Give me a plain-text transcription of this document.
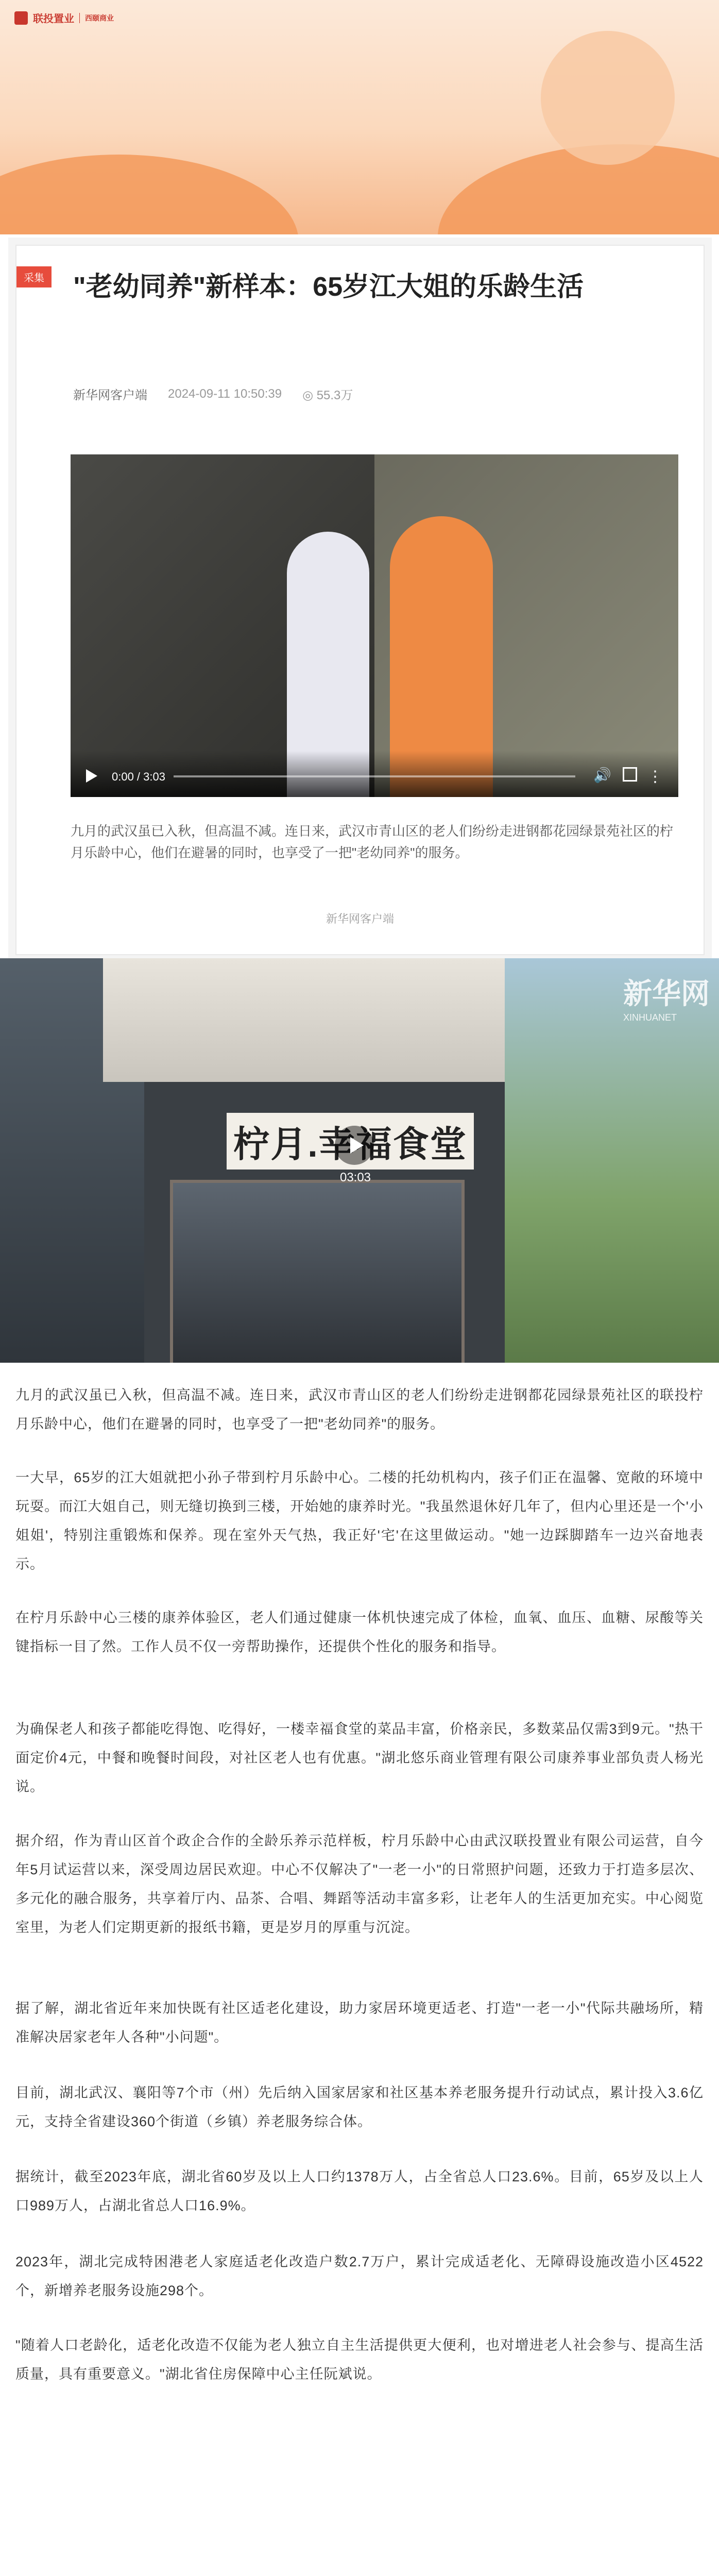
联投置业 西颐商业
采集 "老幼同养"新样本：65岁江大姐的乐龄生活
新华网客户端 2024-09-11 10:50:39 ◎ 55.3万
0:00 / 3:03	🔊 ⋮
九月的武汉虽已入秋，但高温不减。连日来，武汉市青山区的老人们纷纷走进钢都花园绿景苑社区的柠月乐龄中心，他们在避暑的同时，也享受了一把"老幼同养"的服务。
新华网客户端
柠月.幸福食堂
新华网
XINHUANET
03:03
九月的武汉虽已入秋，但高温不减。连日来，武汉市青山区的老人们纷纷走进钢都花园绿景苑社区的联投柠月乐龄中心，他们在避暑的同时，也享受了一把"老幼同养"的服务。
一大早，65岁的江大姐就把小孙子带到柠月乐龄中心。二楼的托幼机构内，孩子们正在温馨、宽敞的环境中玩耍。而江大姐自己，则无缝切换到三楼，开始她的康养时光。"我虽然退休好几年了，但内心里还是一个'小姐姐'，特别注重锻炼和保养。现在室外天气热，我正好'宅'在这里做运动。"她一边踩脚踏车一边兴奋地表示。
在柠月乐龄中心三楼的康养体验区，老人们通过健康一体机快速完成了体检，血氧、血压、血糖、尿酸等关键指标一目了然。工作人员不仅一旁帮助操作，还提供个性化的服务和指导。
为确保老人和孩子都能吃得饱、吃得好，一楼幸福食堂的菜品丰富，价格亲民，多数菜品仅需3到9元。"热干面定价4元，中餐和晚餐时间段，对社区老人也有优惠。"湖北悠乐商业管理有限公司康养事业部负责人杨光说。
据介绍，作为青山区首个政企合作的全龄乐养示范样板，柠月乐龄中心由武汉联投置业有限公司运营，自今年5月试运营以来，深受周边居民欢迎。中心不仅解决了"一老一小"的日常照护问题，还致力于打造多层次、多元化的融合服务，共享着厅内、品茶、合唱、舞蹈等活动丰富多彩，让老年人的生活更加充实。中心阅览室里，为老人们定期更新的报纸书籍，更是岁月的厚重与沉淀。
据了解，湖北省近年来加快既有社区适老化建设，助力家居环境更适老、打造"一老一小"代际共融场所，精准解决居家老年人各种"小问题"。
目前，湖北武汉、襄阳等7个市（州）先后纳入国家居家和社区基本养老服务提升行动试点，累计投入3.6亿元，支持全省建设360个街道（乡镇）养老服务综合体。
据统计，截至2023年底，湖北省60岁及以上人口约1378万人，占全省总人口23.6%。目前，65岁及以上人口989万人，占湖北省总人口16.9%。
2023年，湖北完成特困港老人家庭适老化改造户数2.7万户，累计完成适老化、无障碍设施改造小区4522个，新增养老服务设施298个。
"随着人口老龄化，适老化改造不仅能为老人独立自主生活提供更大便利，也对增进老人社会参与、提高生活质量，具有重要意义。"湖北省住房保障中心主任阮斌说。
